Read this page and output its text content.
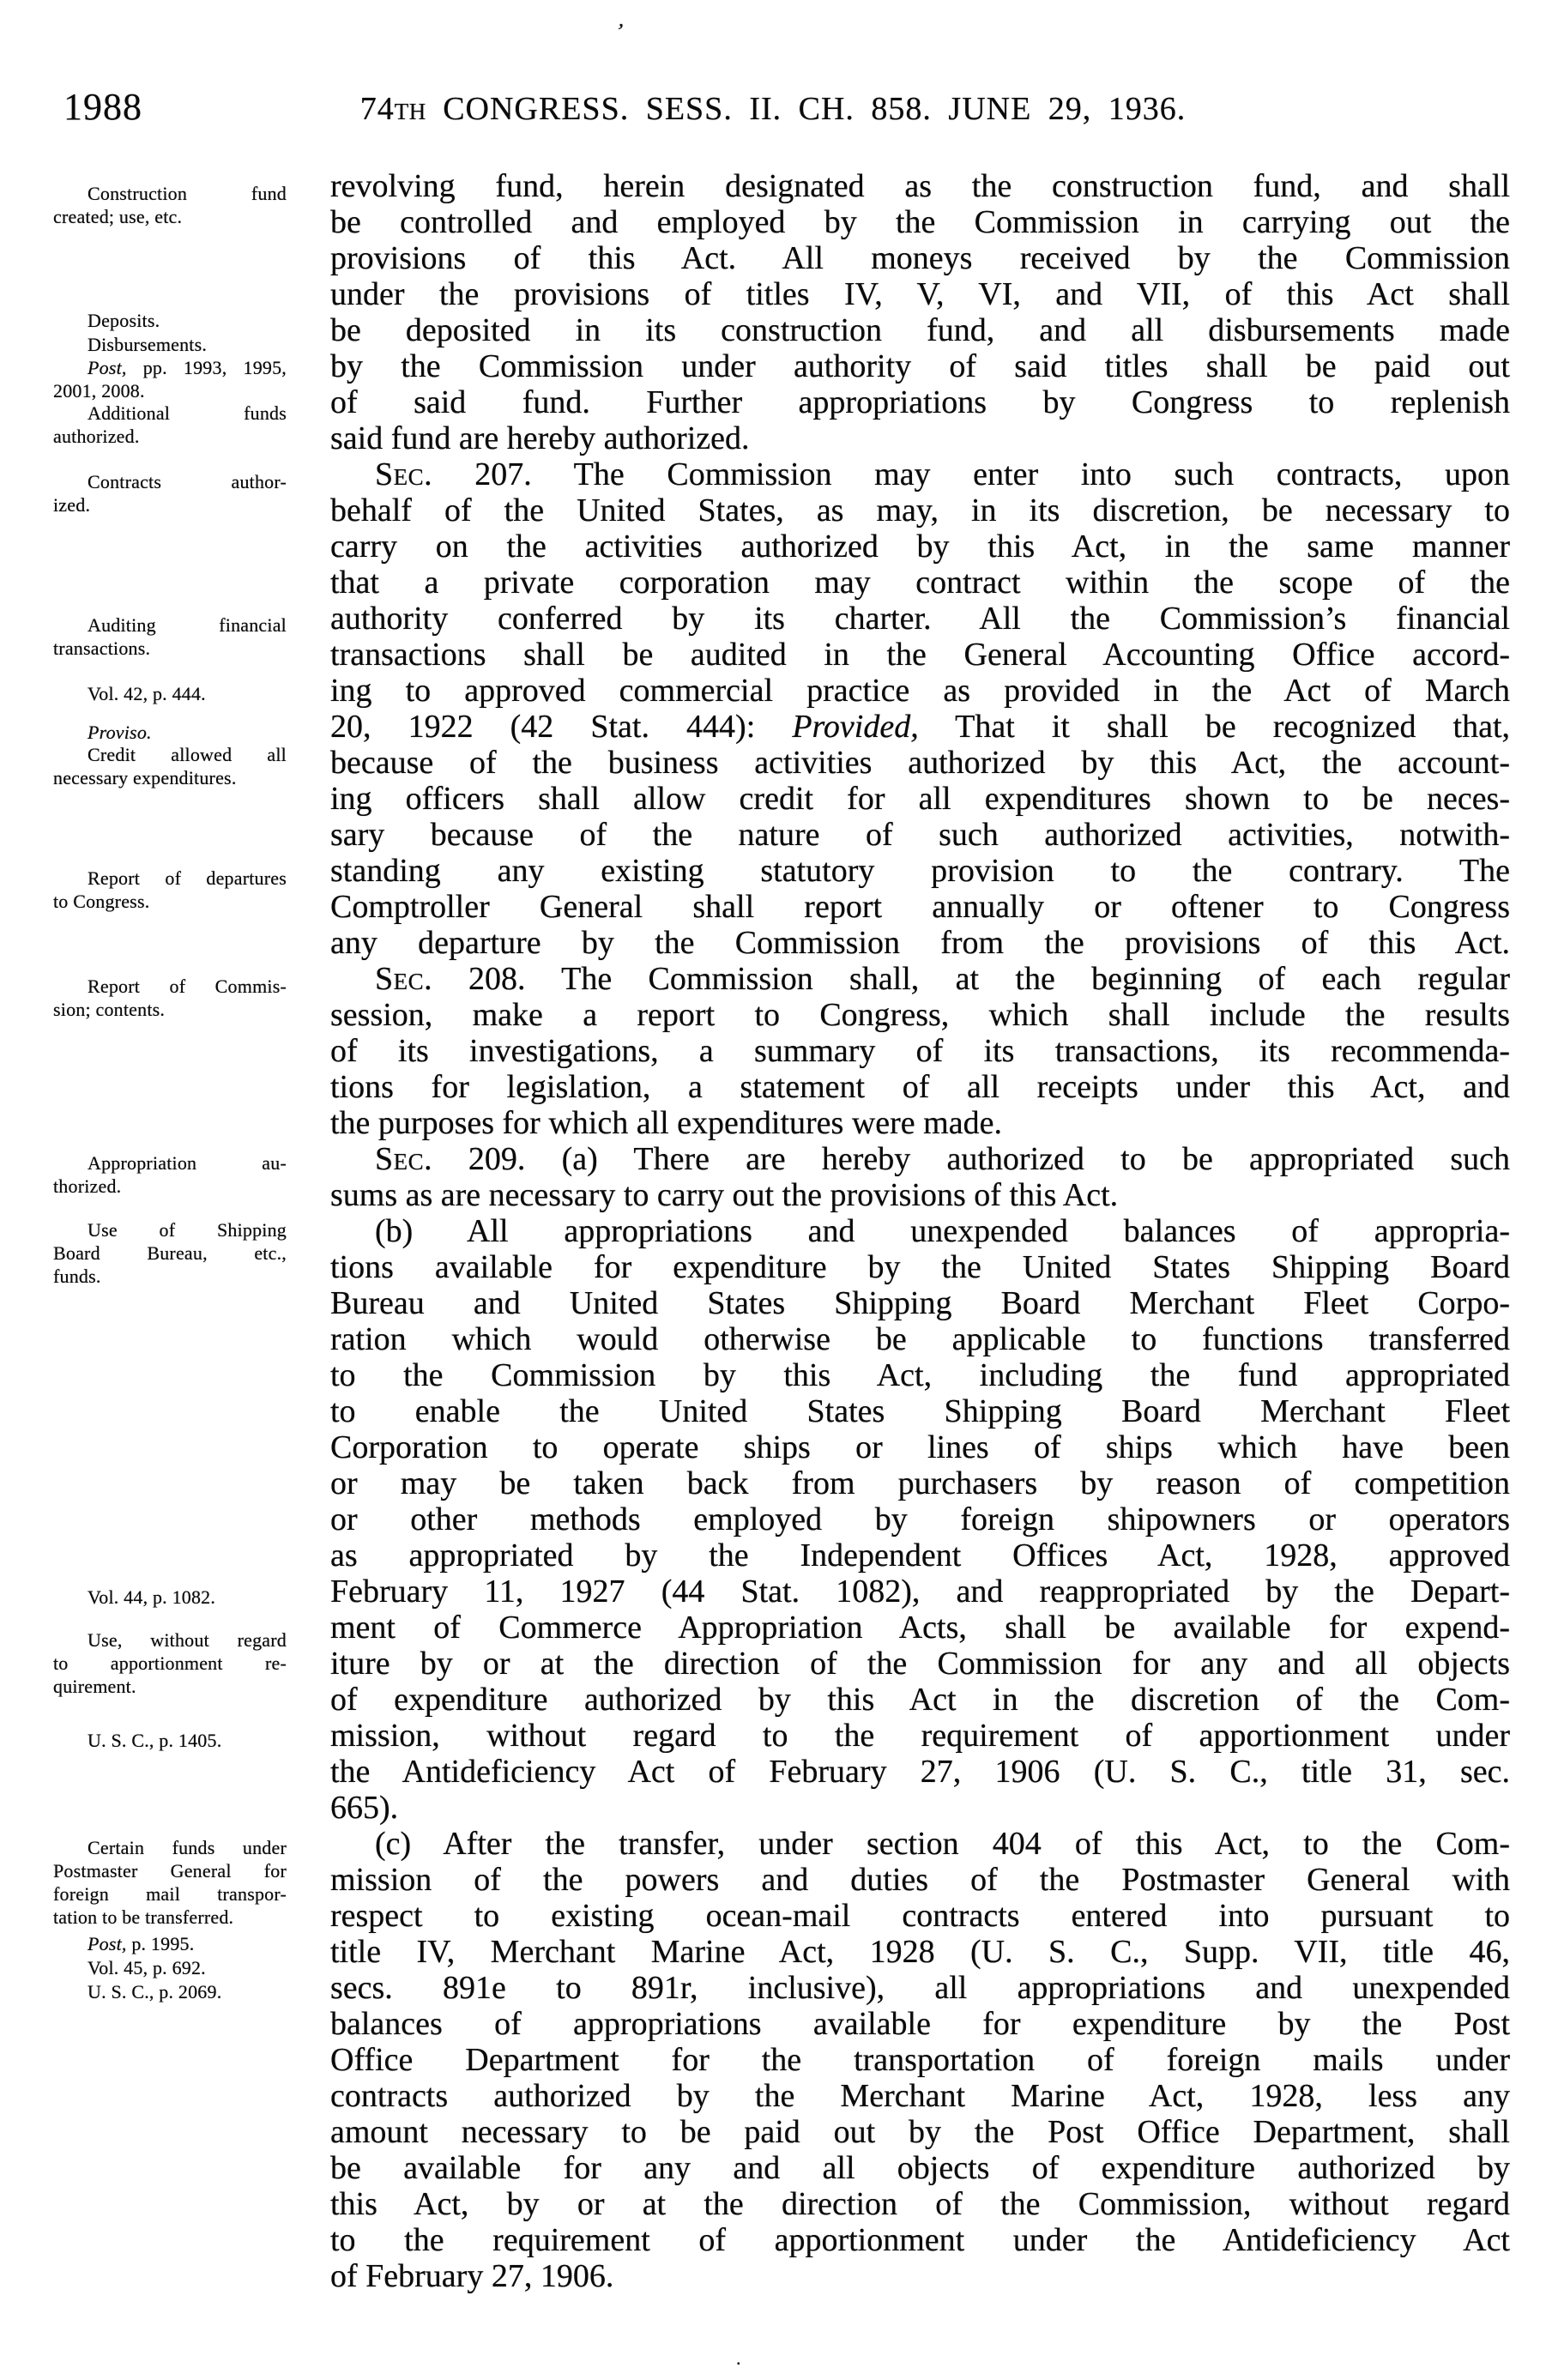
1988	74th CONGRESS. SESS. II. CH. 858. JUNE 29, 1936.
’
Construction fund
created; use, etc.
Deposits.
Disbursements.
Post, pp. 1993, 1995,
2001, 2008.
Additional funds
authorized.
Contracts author-
ized.
Auditing financial
transactions.
Vol. 42, p. 444.
Proviso.
Credit allowed all
necessary expenditures.
Report of departures
to Congress.
Report of Commis-
sion; contents.
Appropriation au-
thorized.
Use of Shipping
Board Bureau, etc.,
funds.
Vol. 44, p. 1082.
Use, without regard
to apportionment re-
quirement.
U. S. C., p. 1405.
Certain funds under
Postmaster General for
foreign mail transpor-
tation to be transferred.
Post, p. 1995.
Vol. 45, p. 692.
U. S. C., p. 2069.
revolving fund, herein designated as the construction fund, and shall
be controlled and employed by the Commission in carrying out the
provisions of this Act. All moneys received by the Commission
under the provisions of titles IV, V, VI, and VII, of this Act shall
be deposited in its construction fund, and all disbursements made
by the Commission under authority of said titles shall be paid out
of said fund. Further appropriations by Congress to replenish
said fund are hereby authorized.
Sec. 207. The Commission may enter into such contracts, upon
behalf of the United States, as may, in its discretion, be necessary to
carry on the activities authorized by this Act, in the same manner
that a private corporation may contract within the scope of the
authority conferred by its charter. All the Commission’s financial
transactions shall be audited in the General Accounting Office accord-
ing to approved commercial practice as provided in the Act of March
20, 1922 (42 Stat. 444): Provided, That it shall be recognized that,
because of the business activities authorized by this Act, the account-
ing officers shall allow credit for all expenditures shown to be neces-
sary because of the nature of such authorized activities, notwith-
standing any existing statutory provision to the contrary. The
Comptroller General shall report annually or oftener to Congress
any departure by the Commission from the provisions of this Act.
Sec. 208. The Commission shall, at the beginning of each regular
session, make a report to Congress, which shall include the results
of its investigations, a summary of its transactions, its recommenda-
tions for legislation, a statement of all receipts under this Act, and
the purposes for which all expenditures were made.
Sec. 209. (a) There are hereby authorized to be appropriated such
sums as are necessary to carry out the provisions of this Act.
(b) All appropriations and unexpended balances of appropria-
tions available for expenditure by the United States Shipping Board
Bureau and United States Shipping Board Merchant Fleet Corpo-
ration which would otherwise be applicable to functions transferred
to the Commission by this Act, including the fund appropriated
to enable the United States Shipping Board Merchant Fleet
Corporation to operate ships or lines of ships which have been
or may be taken back from purchasers by reason of competition
or other methods employed by foreign shipowners or operators
as appropriated by the Independent Offices Act, 1928, approved
February 11, 1927 (44 Stat. 1082), and reappropriated by the Depart-
ment of Commerce Appropriation Acts, shall be available for expend-
iture by or at the direction of the Commission for any and all objects
of expenditure authorized by this Act in the discretion of the Com-
mission, without regard to the requirement of apportionment under
the Antideficiency Act of February 27, 1906 (U. S. C., title 31, sec.
665).
(c) After the transfer, under section 404 of this Act, to the Com-
mission of the powers and duties of the Postmaster General with
respect to existing ocean-mail contracts entered into pursuant to
title IV, Merchant Marine Act, 1928 (U. S. C., Supp. VII, title 46,
secs. 891e to 891r, inclusive), all appropriations and unexpended
balances of appropriations available for expenditure by the Post
Office Department for the transportation of foreign mails under
contracts authorized by the Merchant Marine Act, 1928, less any
amount necessary to be paid out by the Post Office Department, shall
be available for any and all objects of expenditure authorized by
this Act, by or at the direction of the Commission, without regard
to the requirement of apportionment under the Antideficiency Act
of February 27, 1906.
.
